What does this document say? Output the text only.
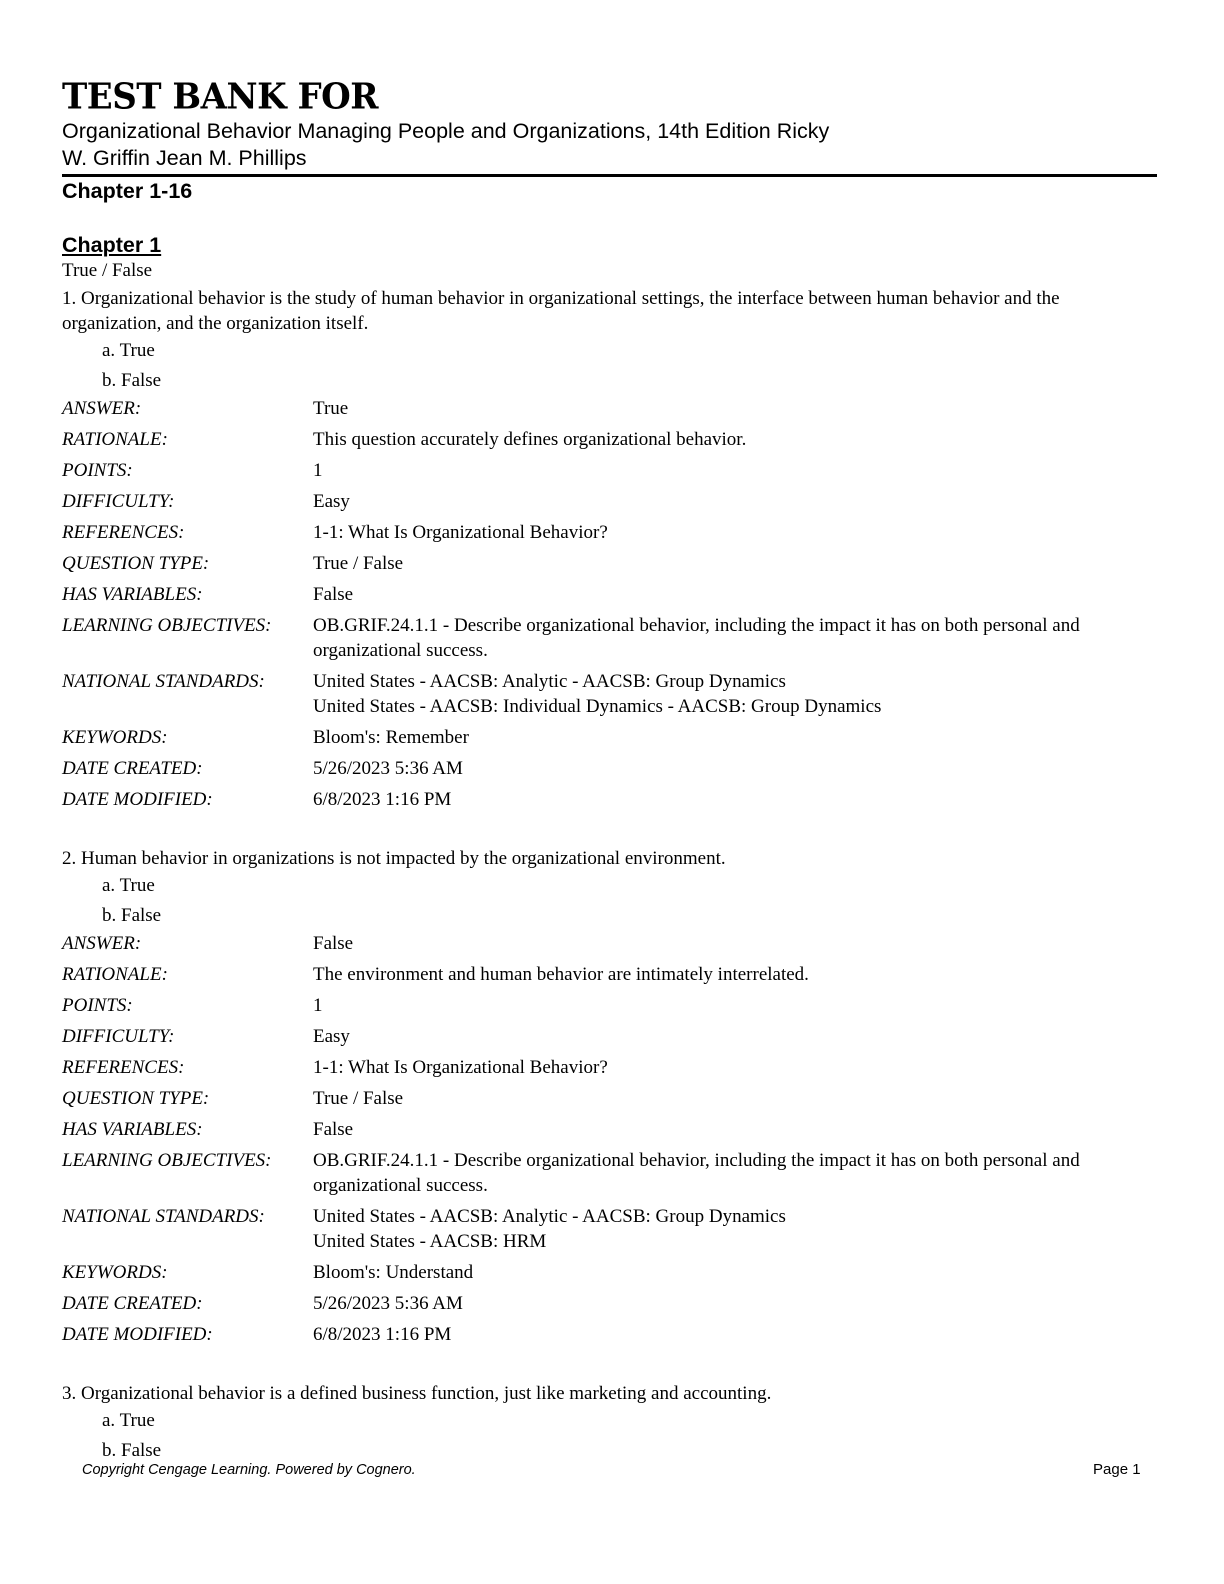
TEST BANK FOR
Organizational Behavior Managing People and Organizations, 14th Edition Ricky
W. Griffin Jean M. Phillips
Chapter 1-16
Chapter 1
True / False
1. Organizational behavior is the study of human behavior in organizational settings, the interface between human behavior and the organization, and the organization itself.
a. True
b. False
ANSWER:	True
RATIONALE:	This question accurately defines organizational behavior.
POINTS:	1
DIFFICULTY:	Easy
REFERENCES:	1-1: What Is Organizational Behavior?
QUESTION TYPE:	True / False
HAS VARIABLES:	False
LEARNING OBJECTIVES:	OB.GRIF.24.1.1 - Describe organizational behavior, including the impact it has on both personal and organizational success.
NATIONAL STANDARDS:	United States - AACSB: Analytic - AACSB: Group Dynamics
United States - AACSB: Individual Dynamics - AACSB: Group Dynamics
KEYWORDS:	Bloom's: Remember
DATE CREATED:	5/26/2023 5:36 AM
DATE MODIFIED:	6/8/2023 1:16 PM
2. Human behavior in organizations is not impacted by the organizational environment.
a. True
b. False
ANSWER:	False
RATIONALE:	The environment and human behavior are intimately interrelated.
POINTS:	1
DIFFICULTY:	Easy
REFERENCES:	1-1: What Is Organizational Behavior?
QUESTION TYPE:	True / False
HAS VARIABLES:	False
LEARNING OBJECTIVES:	OB.GRIF.24.1.1 - Describe organizational behavior, including the impact it has on both personal and organizational success.
NATIONAL STANDARDS:	United States - AACSB: Analytic - AACSB: Group Dynamics
United States - AACSB: HRM
KEYWORDS:	Bloom's: Understand
DATE CREATED:	5/26/2023 5:36 AM
DATE MODIFIED:	6/8/2023 1:16 PM
3. Organizational behavior is a defined business function, just like marketing and accounting.
a. True
b. False
Copyright Cengage Learning. Powered by Cognero.	Page 1
